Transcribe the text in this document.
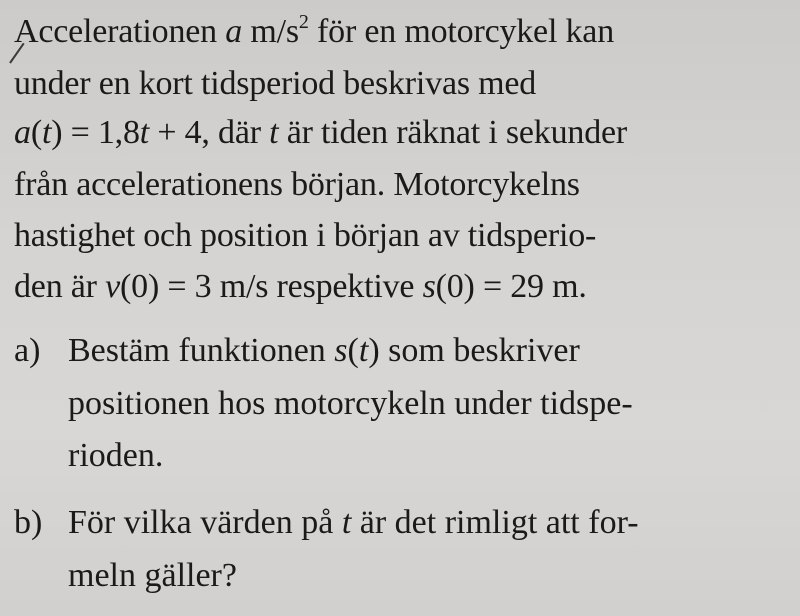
Accelerationen a $m/s^2$ för en motorcykel kan
under en kort tidsperiod beskrivas med
a(t) = 1,8t + 4, där t är tiden räknat i sekunder
från accelerationens början. Motorcykelns
hastighet och position i början av tidsperio-
den är v(0) = 3 m/s respektive s(0) = 29 m.
a) Bestäm funktionen s(t) som beskriver
positionen hos motorcykeln under tidspe-
rioden.
b) För vilka värden på t är det rimligt att for-
meln gäller?
